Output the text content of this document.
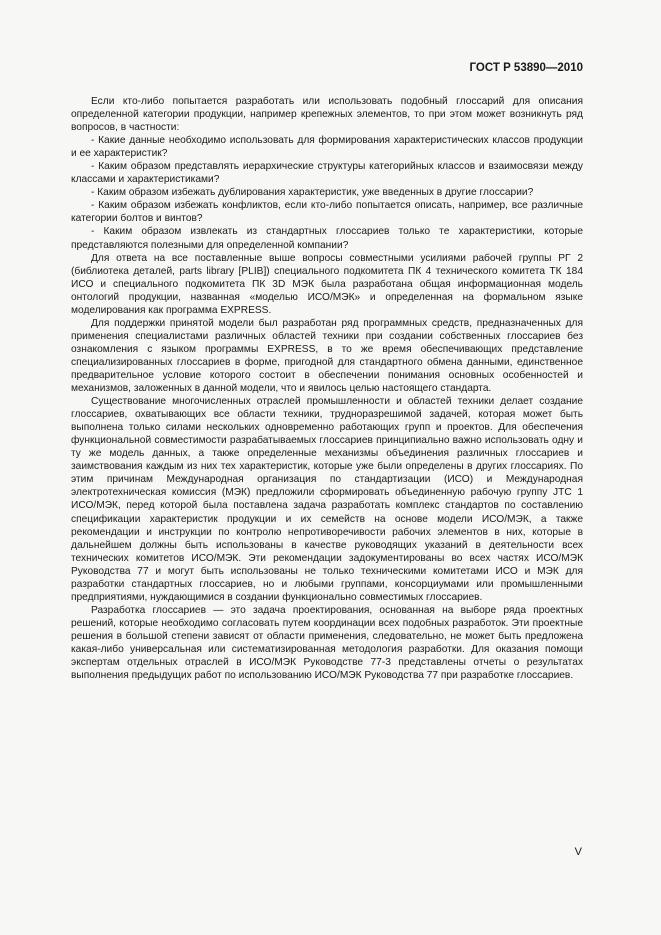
ГОСТ Р 53890—2010

Если кто-либо попытается разработать или использовать подобный глоссарий для описания определенной категории продукции, например крепежных элементов, то при этом может возникнуть ряд вопросов, в частности:

- Какие данные необходимо использовать для формирования характеристических классов продукции и ее характеристик?

- Каким образом представлять иерархические структуры категорийных классов и взаимосвязи между классами и характеристиками?

- Каким образом избежать дублирования характеристик, уже введенных в другие глоссарии?

- Каким образом избежать конфликтов, если кто-либо попытается описать, например, все различные категории болтов и винтов?

- Каким образом извлекать из стандартных глоссариев только те характеристики, которые представляются полезными для определенной компании?

Для ответа на все поставленные выше вопросы совместными усилиями рабочей группы РГ 2 (библиотека деталей, parts library [PLIB]) специального подкомитета ПК 4 технического комитета ТК 184 ИСО и специального подкомитета ПК 3D МЭК была разработана общая информационная модель онтологий продукции, названная «моделью ИСО/МЭК» и определенная на формальном языке моделирования как программа EXPRESS.

Для поддержки принятой модели был разработан ряд программных средств, предназначенных для применения специалистами различных областей техники при создании собственных глоссариев без ознакомления с языком программы EXPRESS, в то же время обеспечивающих представление специализированных глоссариев в форме, пригодной для стандартного обмена данными, единственное предварительное условие которого состоит в обеспечении понимания основных особенностей и механизмов, заложенных в данной модели, что и явилось целью настоящего стандарта.

Существование многочисленных отраслей промышленности и областей техники делает создание глоссариев, охватывающих все области техники, трудноразрешимой задачей, которая может быть выполнена только силами нескольких одновременно работающих групп и проектов. Для обеспечения функциональной совместимости разрабатываемых глоссариев принципиально важно использовать одну и ту же модель данных, а также определенные механизмы объединения различных глоссариев и заимствования каждым из них тех характеристик, которые уже были определены в других глоссариях. По этим причинам Международная организация по стандартизации (ИСО) и Международная электротехническая комиссия (МЭК) предложили сформировать объединенную рабочую группу JTC 1 ИСО/МЭК, перед которой была поставлена задача разработать комплекс стандартов по составлению спецификации характеристик продукции и их семейств на основе модели ИСО/МЭК, а также рекомендации и инструкции по контролю непротиворечивости рабочих элементов в них, которые в дальнейшем должны быть использованы в качестве руководящих указаний в деятельности всех технических комитетов ИСО/МЭК. Эти рекомендации задокументированы во всех частях ИСО/МЭК Руководства 77 и могут быть использованы не только техническими комитетами ИСО и МЭК для разработки стандартных глоссариев, но и любыми группами, консорциумами или промышленными предприятиями, нуждающимися в создании функционально совместимых глоссариев.

Разработка глоссариев — это задача проектирования, основанная на выборе ряда проектных решений, которые необходимо согласовать путем координации всех подобных разработок. Эти проектные решения в большой степени зависят от области применения, следовательно, не может быть предложена какая-либо универсальная или систематизированная методология разработки. Для оказания помощи экспертам отдельных отраслей в ИСО/МЭК Руководстве 77-3 представлены отчеты о результатах выполнения предыдущих работ по использованию ИСО/МЭК Руководства 77 при разработке глоссариев.

V
